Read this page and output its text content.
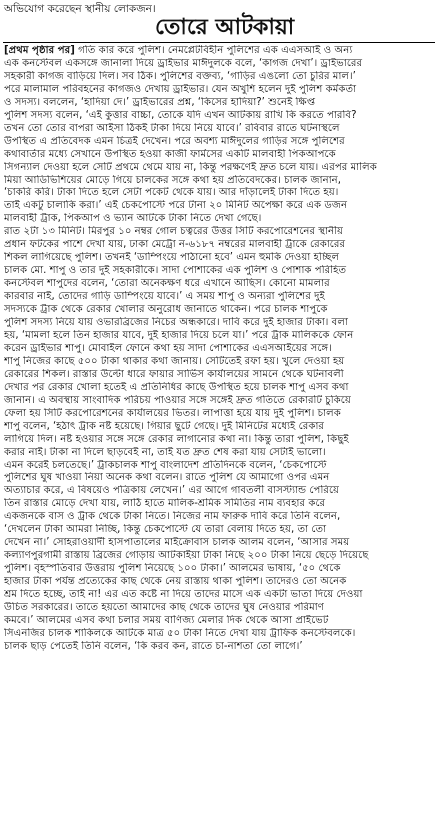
অভিযোগ করেছেন স্থানীয় লোকজন।
তোরে আটকায়া

[প্রথম পৃষ্ঠার পর] গতি কার করে পুলিশ। নেমপ্লেটবিহীন পুলিশের এক এএসআই ও অন্য
এক কনস্টেবল একসঙ্গে জানালা দিয়ে ড্রাইভার মাঈদুলকে বলে, ‘কাগজ দেখা’। ড্রাইভারের
সহকারী কাগজ বাড়িয়ে দিল। সব ঠিক। পুলিশের বক্তব্য, ‘গাড়ির এঙলো তো চুরির মাল।’
পরে মালামাল পরিবহনের কাগজও দেখায় ড্রাইভার। যেন অখুশি হলেন দুই পুলিশ কর্মকর্তা
ও সদস্য। বললেন, ‘হাদিয়া দে।’ ড্রাইভারের প্রশ্ন, ‘কিসের হাদিয়া?’ শুনেই ক্ষিপ্ত
পুলিশ সদস্য বলেন, ‘এই কুত্তার বাচ্চা, তোকে যদি এখন আটকায় রাখি কি করতে পারবি?
তখন তো তোর বাপরা আইসা ঠিকই টাকা দিয়ে নিয়ে যাবে।’ রবিবার রাতে ঘটনাস্থলে
উপস্থিত এ প্রতিবেদক এমন চিত্রই দেখেন। পরে অবশ্য মাঈদুলের গাড়ির সঙ্গে পুলিশের
কথাবার্তার মধ্যে সেখানে উপস্থিত হওয়া কাজী ফার্মসের একটি মালবাহী পিকআপকে
সিগন্যাল দেওয়া হলে সেটি প্রথমে থেমে যায় না, কিন্তু পরক্ষণেই দ্রুত চলে যায়। এরপর মালিক
মিয়া আডিভিশিয়ের মোড়ে গিয়ে চালকের সঙ্গে কথা হয় প্রতিবেদকের। চালক জানান,
‘চাকরি করি। টাকা দিতে হলে সেটা পকেট থেকে যায়। আর দাঁড়ালেই টাকা দিতে হয়।
তাই একটু চালাকি করা।’ এই চেকপোস্টে পরে টানা ২০ মিনিট অপেক্ষা করে এক ডজন
মালবাহী ট্রাক, পিকআপ ও ভ্যান আটকে টাকা নিতে দেখা গেছে।
রাত ২টা ১৩ মিনিট। মিরপুর ১০ নম্বর গোল চত্বরের উত্তর সিটি করপোরেশনের স্থানীয়
প্রধান ফটকের পাশে দেখা যায়, ঢাকা মেট্রো ন-৬১৮৭ নম্বরের মালবাহী ট্রাকে রেকারের
শিকল লাগিয়েছে পুলিশ। তখনই ‘ডাম্পিংয়ে পাঠানো হবে’ এমন হুমকি দেওয়া হচ্ছিল
চালক মো. শাপু ও তার দুই সহকারীকে। সাদা পোশাকের এক পুলিশ ও পোশাক পরিহিত
কনস্টেবল শাপুদের বলেন, ‘তোরা অনেকক্ষণ ধরে এখানে আছিস। কোনো মামলার
কারবার নাই, তোদের গাড়ি ডাম্পিংয়ে যাবে।’ এ সময় শাপু ও অন্যরা পুলিশের দুই
সদস্যকে ট্রাক থেকে রেকার খোলার অনুরোধ জানাতে থাকেন। পরে চালক শাপুকে
পুলিশ সদস্য নিয়ে যায় ওভারব্রিজের নিচের অন্ধকারে। দাবি করে দুই হাজার টাকা। বলা
হয়, ‘মামলা হলে তিন হাজার যাবে, দুই হাজার দিয়ে চলে যা।’ পরে ট্রাক মালিককে ফোন
করেন ড্রাইভার শাপু। মোবাইল ফোনে কথা হয় সাদা পোশাকের এএসআইয়ের সঙ্গে।
শাপু নিজের কাছে ৫০০ টাকা থাকার কথা জানায়। সেটিতেই রফা হয়। খুলে দেওয়া হয়
রেকারের শিকল। রাস্তার উল্টো ধারে ফায়ার সার্ভিস কার্যালয়ের সামনে থেকে ঘটনাবলী
দেখার পর রেকার খোলা হতেই এ প্রতিনিধির কাছে উপস্থিত হয়ে চালক শাপু এসব কথা
জানান। এ অবস্থায় সাংবাদিক পরিচয় পাওয়ার সঙ্গে সঙ্গেই দ্রুত গতিতে রেকারটি চুকিয়ে
ফেলা হয় সিটি করপোরেশনের কার্যালয়ের ভিতর। লাপাত্তা হয়ে যায় দুই পুলিশ। চালক
শাপু বলেন, ‘হঠাৎ ট্রাক নষ্ট হয়েছে। গিয়ার ছুটে গেছে। দুই মিনিটের মধ্যেই রেকার
লাগিয়ে দিল। নষ্ট হওয়ার সঙ্গে সঙ্গে রেকার লাগানোর কথা না। কিন্তু তারা পুলিশ, কিছুই
করার নাই। টাকা না দিলে ছাড়বেই না, তাই যত দ্রুত শেষ করা যায় সেটাই ভালো।
এমন করেই চলতেছে।’ ট্রাকচালক শাপু বাংলাদেশ প্রতিদিনকে বলেন, ‘চেকপোস্টে
পুলিশের ঘুষ খাওয়া নিয়া অনেক কথা বলেন। রাতে পুলিশ যে আমাগো ওপর এমন
অত্যাচার করে, এ বিষয়েও পত্রিকায় লেখেন।’ এর আগে গাবতলী বাসস্ট্যান্ড পেরিয়ে
তিন রাস্তার মোড়ে দেখা যায়, লাঠি হাতে মালিক-শ্রমিক সমিতির নাম ব্যবহার করে
একজনকে বাস ও ট্রাক থেকে টাকা নিতে। নিজের নাম ফারুক দাবি করে তিনি বলেন,
‘দেখলেন টাকা আমরা নিচ্ছি, কিন্তু চেকপোস্টে যে তারা বেলায় দিতে হয়, তা তো
দেখেন না।’ সোহরাওয়ার্দী হাসপাতালের মাইক্রোবাস চালক আলম বলেন, ‘আসার সময়
কল্যাণপুরগামী রাস্তায় ব্রিজের গোড়ায় আটকাইয়া টাকা নিছে ২০০ টাকা নিয়ে ছেড়ে দিয়েছে
পুলিশ। বৃহস্পতিবার উত্তরায় পুলিশ নিয়েছে ১০০ টাকা।’ আলমের ভাষায়, ‘৫০ থেকে
হাজার টাকা পর্যন্ত প্রত্যেকের কাছ থেকে নেয় রাস্তায় থাকা পুলিশ। তাদেরও তো অনেক
শ্রম দিতে হচ্ছে, তাই না! এর এত কষ্টে না দিয়ে তাদের মাসে এক একটা ভাতা দিয়ে দেওয়া
উচিত সরকারের। তাতে হয়তো আমাদের কাছ থেকে তাদের ঘুষ নেওয়ার পরিমাণ
কমবে।’ আলমের এসব কথা চলার সময় বাণিজ্য মেলার দিক থেকে আসা প্রাইভেট
সিএনজির চালক শাকিলকে আটকে মাত্র ৫০ টাকা নিতে দেখা যায় ট্রাফিক কনস্টেবলকে।
চালক ছাড় পেতেই তিনি বলেন, ‘কি করব কন, রাতে চা-নাশতা তো লাগে।’
